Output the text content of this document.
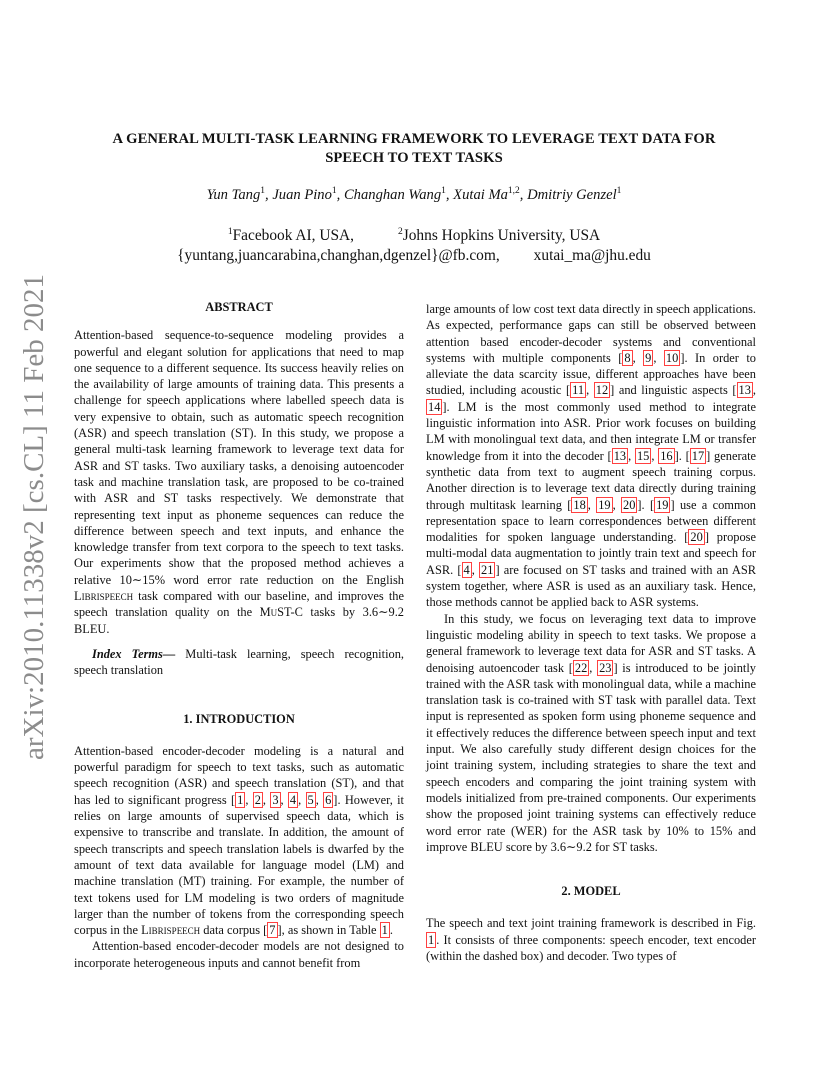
A GENERAL MULTI-TASK LEARNING FRAMEWORK TO LEVERAGE TEXT DATA FOR
SPEECH TO TEXT TASKS
Yun Tang$^1$, Juan Pino$^1$, Changhan Wang$^1$, Xutai Ma$^{1,2}$, Dmitriy Genzel$^1$
$^1$Facebook AI, USA,	$^2$Johns Hopkins University, USA
{yuntang,juancarabina,changhan,dgenzel}@fb.com, xutai_ma@jhu.edu
arXiv:2010.11338v2 [cs.CL] 11 Feb 2021	ABSTRACT

Attention-based sequence-to-sequence modeling provides a powerful and elegant solution for applications that need to map one sequence to a different sequence. Its success heavily relies on the availability of large amounts of training data. This presents a challenge for speech applications where labelled speech data is very expensive to obtain, such as automatic speech recognition (ASR) and speech translation (ST). In this study, we propose a general multi-task learning framework to leverage text data for ASR and ST tasks. Two auxiliary tasks, a denoising autoencoder task and machine translation task, are proposed to be co-trained with ASR and ST tasks respectively. We demonstrate that representing text input as phoneme sequences can reduce the difference between speech and text inputs, and enhance the knowledge transfer from text corpora to the speech to text tasks. Our experiments show that the proposed method achieves a relative 10∼15% word error rate reduction on the English Librispeech task compared with our baseline, and improves the speech translation quality on the MuST-C tasks by 3.6∼9.2 BLEU.

Index Terms— Multi-task learning, speech recognition, speech translation

1. INTRODUCTION

Attention-based encoder-decoder modeling is a natural and powerful paradigm for speech to text tasks, such as automatic speech recognition (ASR) and speech translation (ST), and that has led to significant progress [ 1 , 2 , 3 , 4 , 5 , 6 ]. However, it relies on large amounts of supervised speech data, which is expensive to transcribe and translate. In addition, the amount of speech transcripts and speech translation labels is dwarfed by the amount of text data available for language model (LM) and machine translation (MT) training. For example, the number of text tokens used for LM modeling is two orders of magnitude larger than the number of tokens from the corresponding speech corpus in the Librispeech data corpus [ 7 ], as shown in Table 1 .

Attention-based encoder-decoder models are not designed to incorporate heterogeneous inputs and cannot benefit from

large amounts of low cost text data directly in speech applications. As expected, performance gaps can still be observed between attention based encoder-decoder systems and conventional systems with multiple components [ 8 , 9 , 10 ]. In order to alleviate the data scarcity issue, different approaches have been studied, including acoustic [ 11 , 12 ] and linguistic aspects [ 13 , 14 ]. LM is the most commonly used method to integrate linguistic information into ASR. Prior work focuses on building LM with monolingual text data, and then integrate LM or transfer knowledge from it into the decoder [ 13 , 15 , 16 ]. [ 17 ] generate synthetic data from text to augment speech training corpus. Another direction is to leverage text data directly during training through multitask learning [ 18 , 19 , 20 ]. [ 19 ] use a common representation space to learn correspondences between different modalities for spoken language understanding. [ 20 ] propose multi-modal data augmentation to jointly train text and speech for ASR. [ 4 , 21 ] are focused on ST tasks and trained with an ASR system together, where ASR is used as an auxiliary task. Hence, those methods cannot be applied back to ASR systems.

In this study, we focus on leveraging text data to improve linguistic modeling ability in speech to text tasks. We propose a general framework to leverage text data for ASR and ST tasks. A denoising autoencoder task [ 22 , 23 ] is introduced to be jointly trained with the ASR task with monolingual data, while a machine translation task is co-trained with ST task with parallel data. Text input is represented as spoken form using phoneme sequence and it effectively reduces the difference between speech input and text input. We also carefully study different design choices for the joint training system, including strategies to share the text and speech encoders and comparing the joint training system with models initialized from pre-trained components. Our experiments show the proposed joint training systems can effectively reduce word error rate (WER) for the ASR task by 10% to 15% and improve BLEU score by 3.6∼9.2 for ST tasks.

2. MODEL

The speech and text joint training framework is described in Fig. 1 . It consists of three components: speech encoder, text encoder (within the dashed box) and decoder. Two types of
